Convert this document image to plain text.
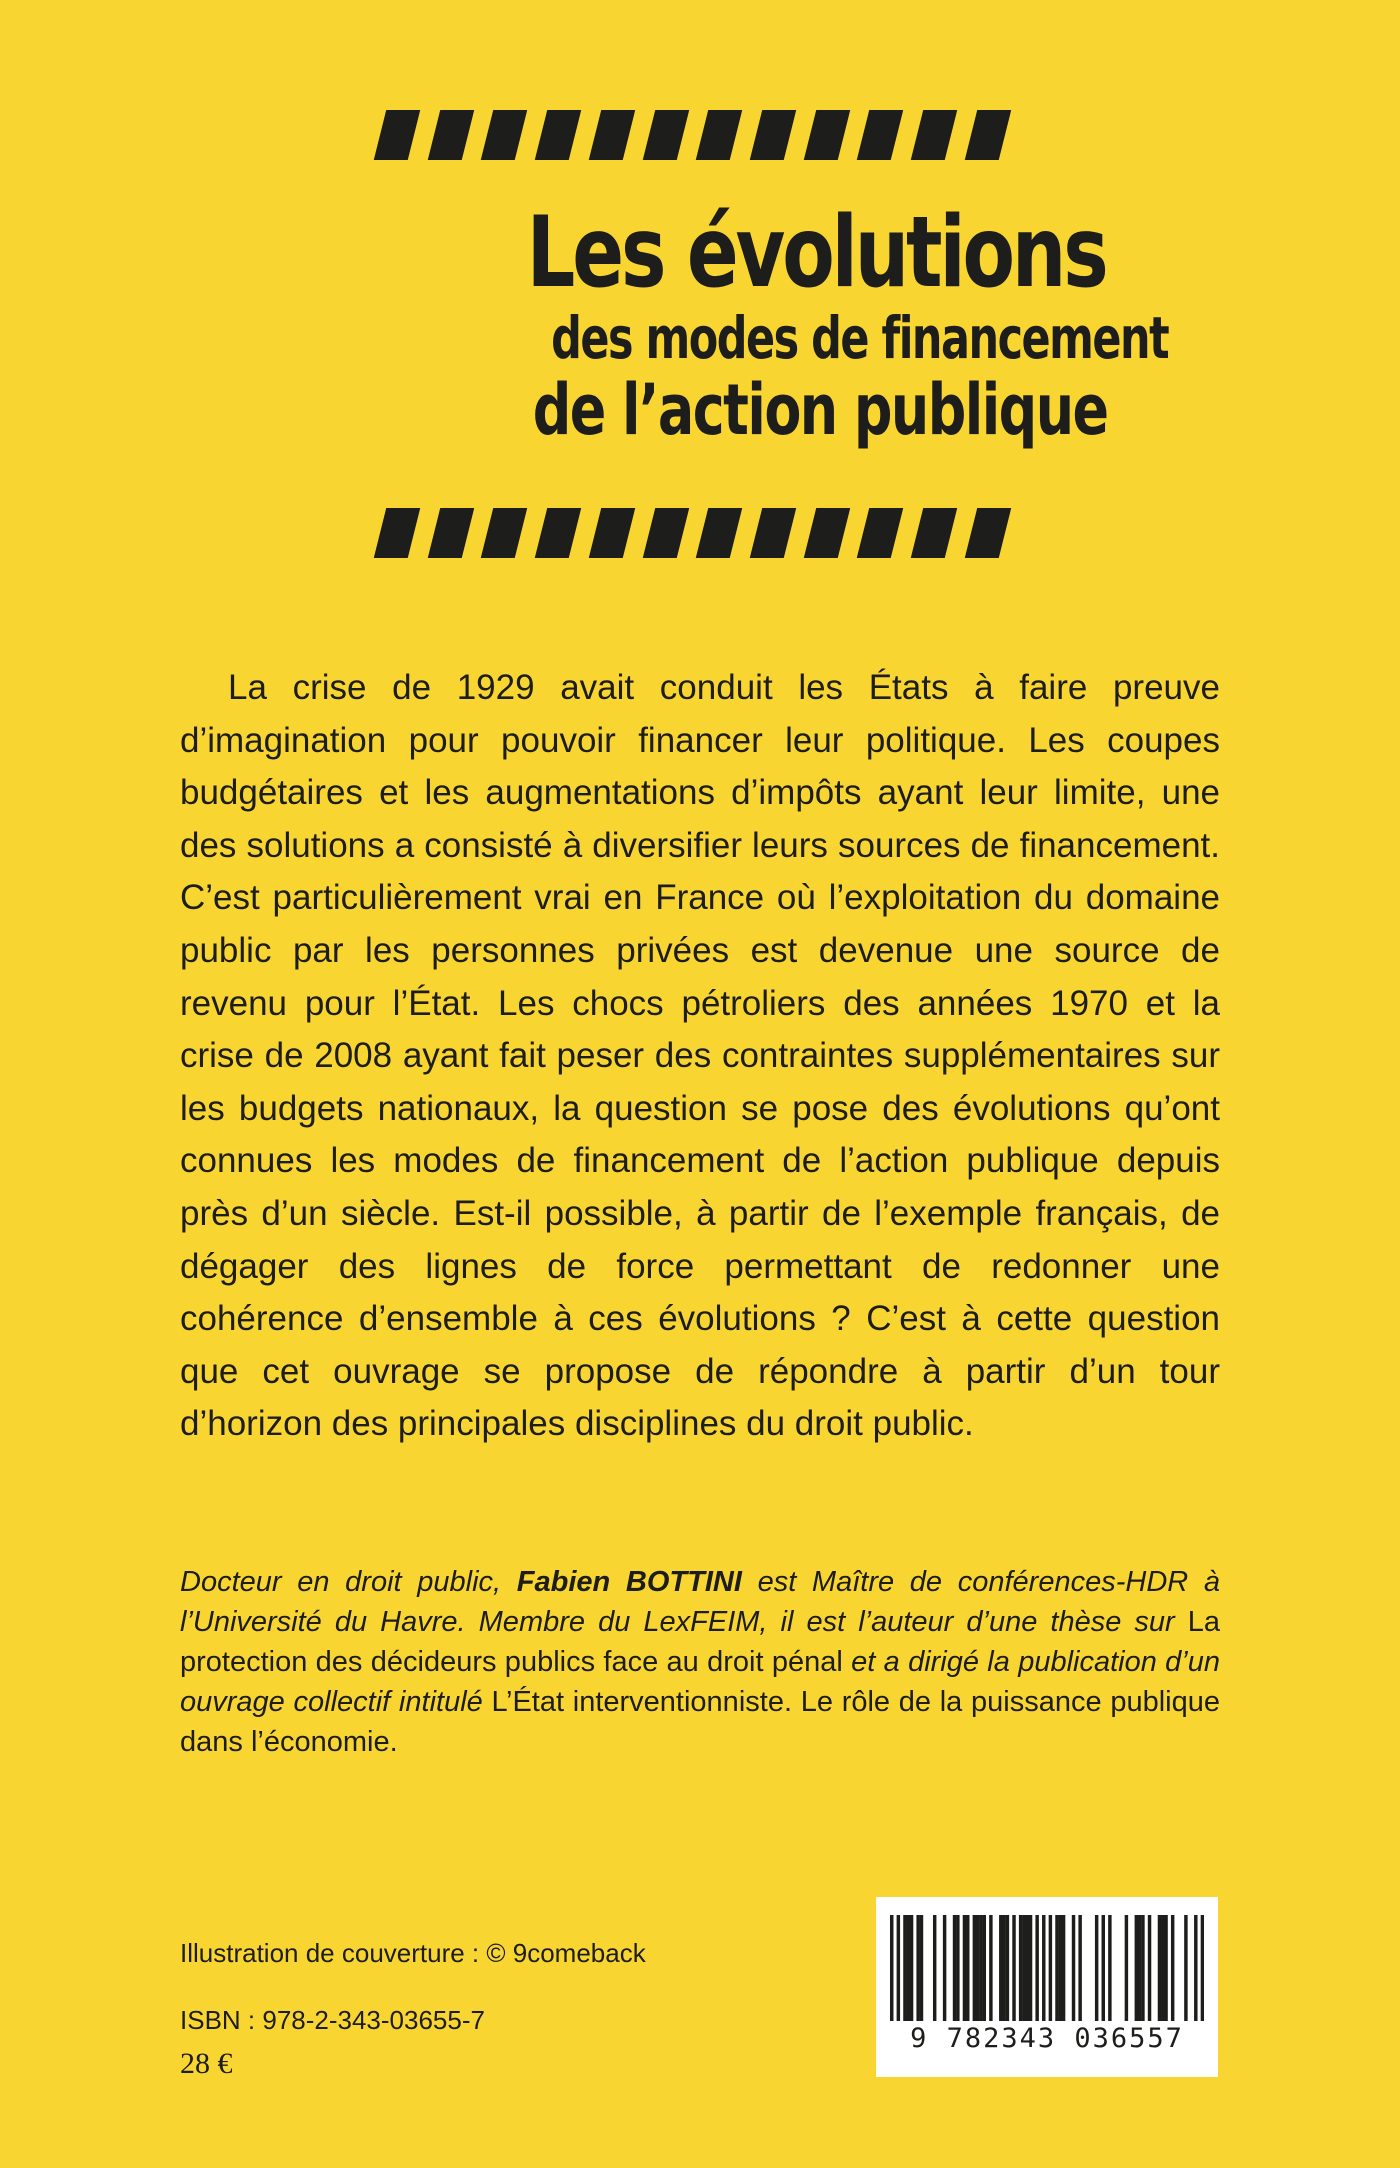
Les évolutions
des modes de financement
de l’action publique

La crise de 1929 avait conduit les États à faire preuve d’imagination pour pouvoir financer leur politique. Les coupes budgétaires et les augmentations d’impôts ayant leur limite, une des solutions a consisté à diversifier leurs sources de financement. C’est particulièrement vrai en France où l’exploitation du domaine public par les personnes privées est devenue une source de revenu pour l’État. Les chocs pétroliers des années 1970 et la crise de 2008 ayant fait peser des contraintes supplémentaires sur les budgets nationaux, la question se pose des évolutions qu’ont connues les modes de financement de l’action publique depuis près d’un siècle. Est-il possible, à partir de l’exemple français, de dégager des lignes de force permettant de redonner une cohérence d’ensemble à ces évolutions ? C’est à cette question que cet ouvrage se propose de répondre à partir d’un tour d’horizon des principales disciplines du droit public.

Docteur en droit public, Fabien BOTTINI est Maître de conférences-HDR à l’Université du Havre. Membre du LexFEIM, il est l’auteur d’une thèse sur La protection des décideurs publics face au droit pénal et a dirigé la publication d’un ouvrage collectif intitulé L’État interventionniste. Le rôle de la puissance publique dans l’économie.

Illustration de couverture : © 9comeback
ISBN : 978-2-343-03655-7
28 €
9 782343 036557
